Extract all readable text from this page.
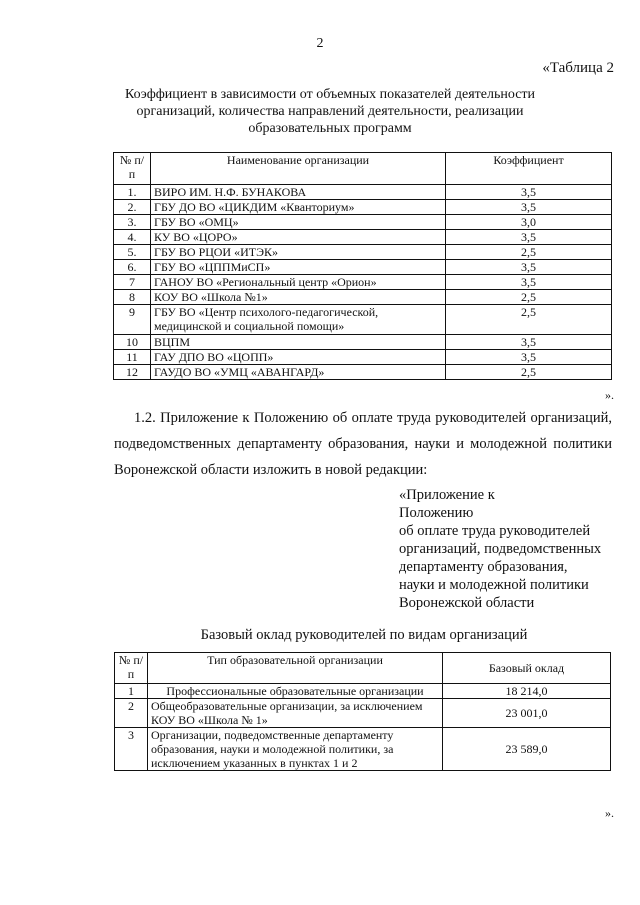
2
«Таблица 2
Коэффициент в зависимости от объемных показателей деятельности организаций, количества направлений деятельности, реализации образовательных программ
№ п/п	Наименование организации	Коэффициент
1.	ВИРО ИМ. Н.Ф. БУНАКОВА	3,5
2.	ГБУ ДО ВО «ЦИКДИМ «Кванториум»	3,5
3.	ГБУ ВО «ОМЦ»	3,0
4.	КУ ВО «ЦОРО»	3,5
5.	ГБУ ВО РЦОИ «ИТЭК»	2,5
6.	ГБУ ВО «ЦППМиСП»	3,5
7	ГАНОУ ВО «Региональный центр «Орион»	3,5
8	КОУ ВО «Школа №1»	2,5
9	ГБУ ВО «Центр психолого-педагогической, медицинской и социальной помощи»	2,5
10	ВЦПМ	3,5
11	ГАУ ДПО ВО «ЦОПП»	3,5
12	ГАУДО ВО «УМЦ «АВАНГАРД»	2,5
».
1.2. Приложение к Положению об оплате труда руководителей организаций, подведомственных департаменту образования, науки и молодежной политики Воронежской области изложить в новой редакции:
«Приложение к
Положению
об оплате труда руководителей
организаций, подведомственных
департаменту образования,
науки и молодежной политики
Воронежской области
Базовый оклад руководителей по видам организаций
№ п/п	Тип образовательной организации	Базовый оклад
1	Профессиональные образовательные организации	18 214,0
2	Общеобразовательные организации, за исключением КОУ ВО «Школа № 1»	23 001,0
3	Организации, подведомственные департаменту образования, науки и молодежной политики, за исключением указанных в пунктах 1 и 2	23 589,0
».
